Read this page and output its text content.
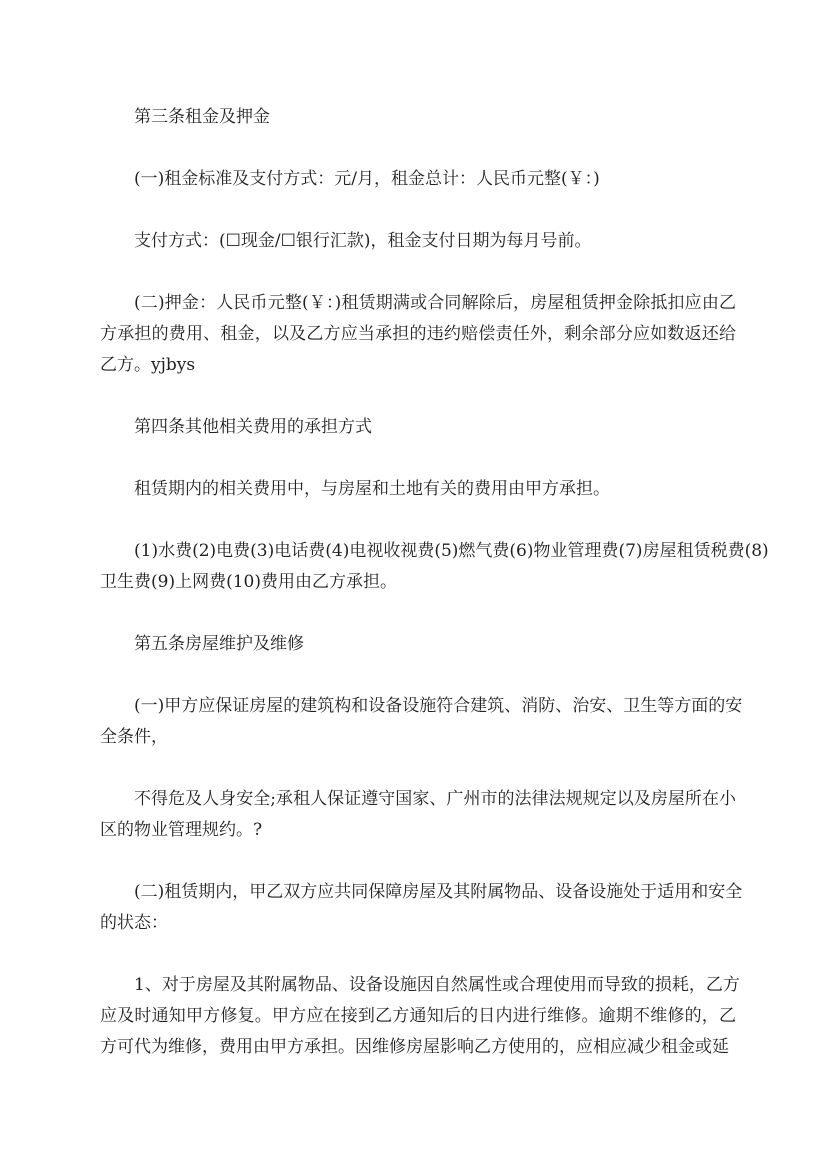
第三条租金及押金
(一)租金标准及支付方式：元/月，租金总计：人民币元整(￥：)
支付方式：(☐现金/☐银行汇款)，租金支付日期为每月号前。
(二)押金：人民币元整(￥：)租赁期满或合同解除后，房屋租赁押金除抵扣应由乙
方承担的费用、租金，以及乙方应当承担的违约赔偿责任外，剩余部分应如数返还给
乙方。yjbys
第四条其他相关费用的承担方式
租赁期内的相关费用中，与房屋和土地有关的费用由甲方承担。
(1)水费(2)电费(3)电话费(4)电视收视费(5)燃气费(6)物业管理费(7)房屋租赁税费(8)
卫生费(9)上网费(10)费用由乙方承担。
第五条房屋维护及维修
(一)甲方应保证房屋的建筑构和设备设施符合建筑、消防、治安、卫生等方面的安
全条件，
不得危及人身安全;承租人保证遵守国家、广州市的法律法规规定以及房屋所在小
区的物业管理规约。?
(二)租赁期内，甲乙双方应共同保障房屋及其附属物品、设备设施处于适用和安全
的状态：
1、对于房屋及其附属物品、设备设施因自然属性或合理使用而导致的损耗，乙方
应及时通知甲方修复。甲方应在接到乙方通知后的日内进行维修。逾期不维修的，乙
方可代为维修，费用由甲方承担。因维修房屋影响乙方使用的，应相应减少租金或延
